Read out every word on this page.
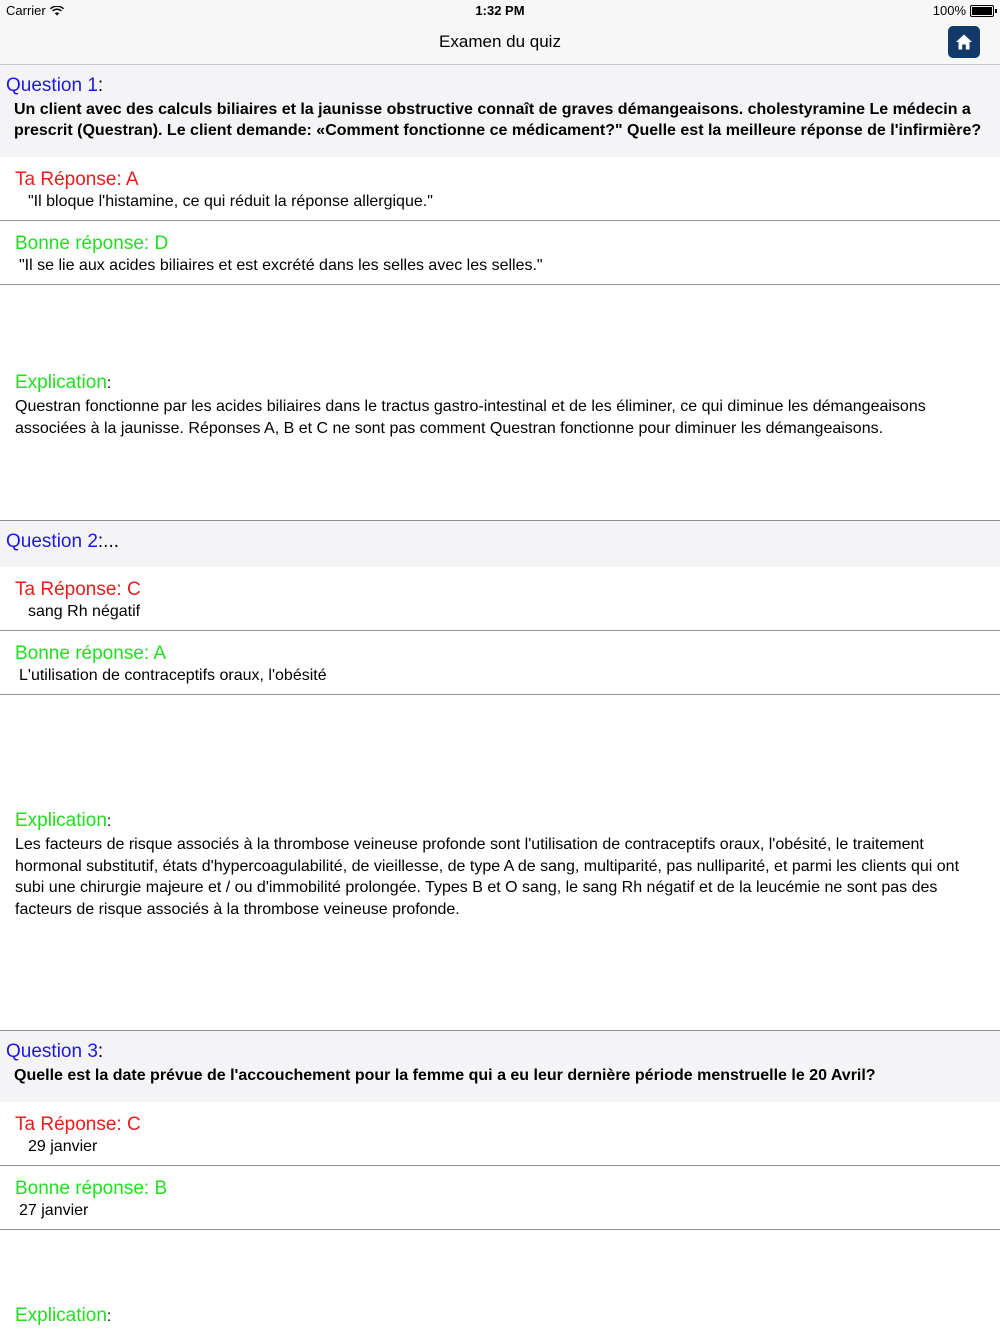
Carrier	1:32 PM	100%
Examen du quiz
Question 1:
Un client avec des calculs biliaires et la jaunisse obstructive connaît de graves démangeaisons. cholestyramine Le médecin a prescrit (Questran). Le client demande: «Comment fonctionne ce médicament?" Quelle est la meilleure réponse de l'infirmière?
Ta Réponse: A
"Il bloque l'histamine, ce qui réduit la réponse allergique."
Bonne réponse: D
"Il se lie aux acides biliaires et est excrété dans les selles avec les selles."
Explication:
Questran fonctionne par les acides biliaires dans le tractus gastro-intestinal et de les éliminer, ce qui diminue les démangeaisons associées à la jaunisse. Réponses A, B et C ne sont pas comment Questran fonctionne pour diminuer les démangeaisons.
Question 2:...
Ta Réponse: C
sang Rh négatif
Bonne réponse: A
L'utilisation de contraceptifs oraux, l'obésité
Explication:
Les facteurs de risque associés à la thrombose veineuse profonde sont l'utilisation de contraceptifs oraux, l'obésité, le traitement hormonal substitutif, états d'hypercoagulabilité, de vieillesse, de type A de sang, multiparité, pas nulliparité, et parmi les clients qui ont subi une chirurgie majeure et / ou d'immobilité prolongée. Types B et O sang, le sang Rh négatif et de la leucémie ne sont pas des facteurs de risque associés à la thrombose veineuse profonde.
Question 3:
Quelle est la date prévue de l'accouchement pour la femme qui a eu leur dernière période menstruelle le 20 Avril?
Ta Réponse: C
29 janvier
Bonne réponse: B
27 janvier
Explication:
